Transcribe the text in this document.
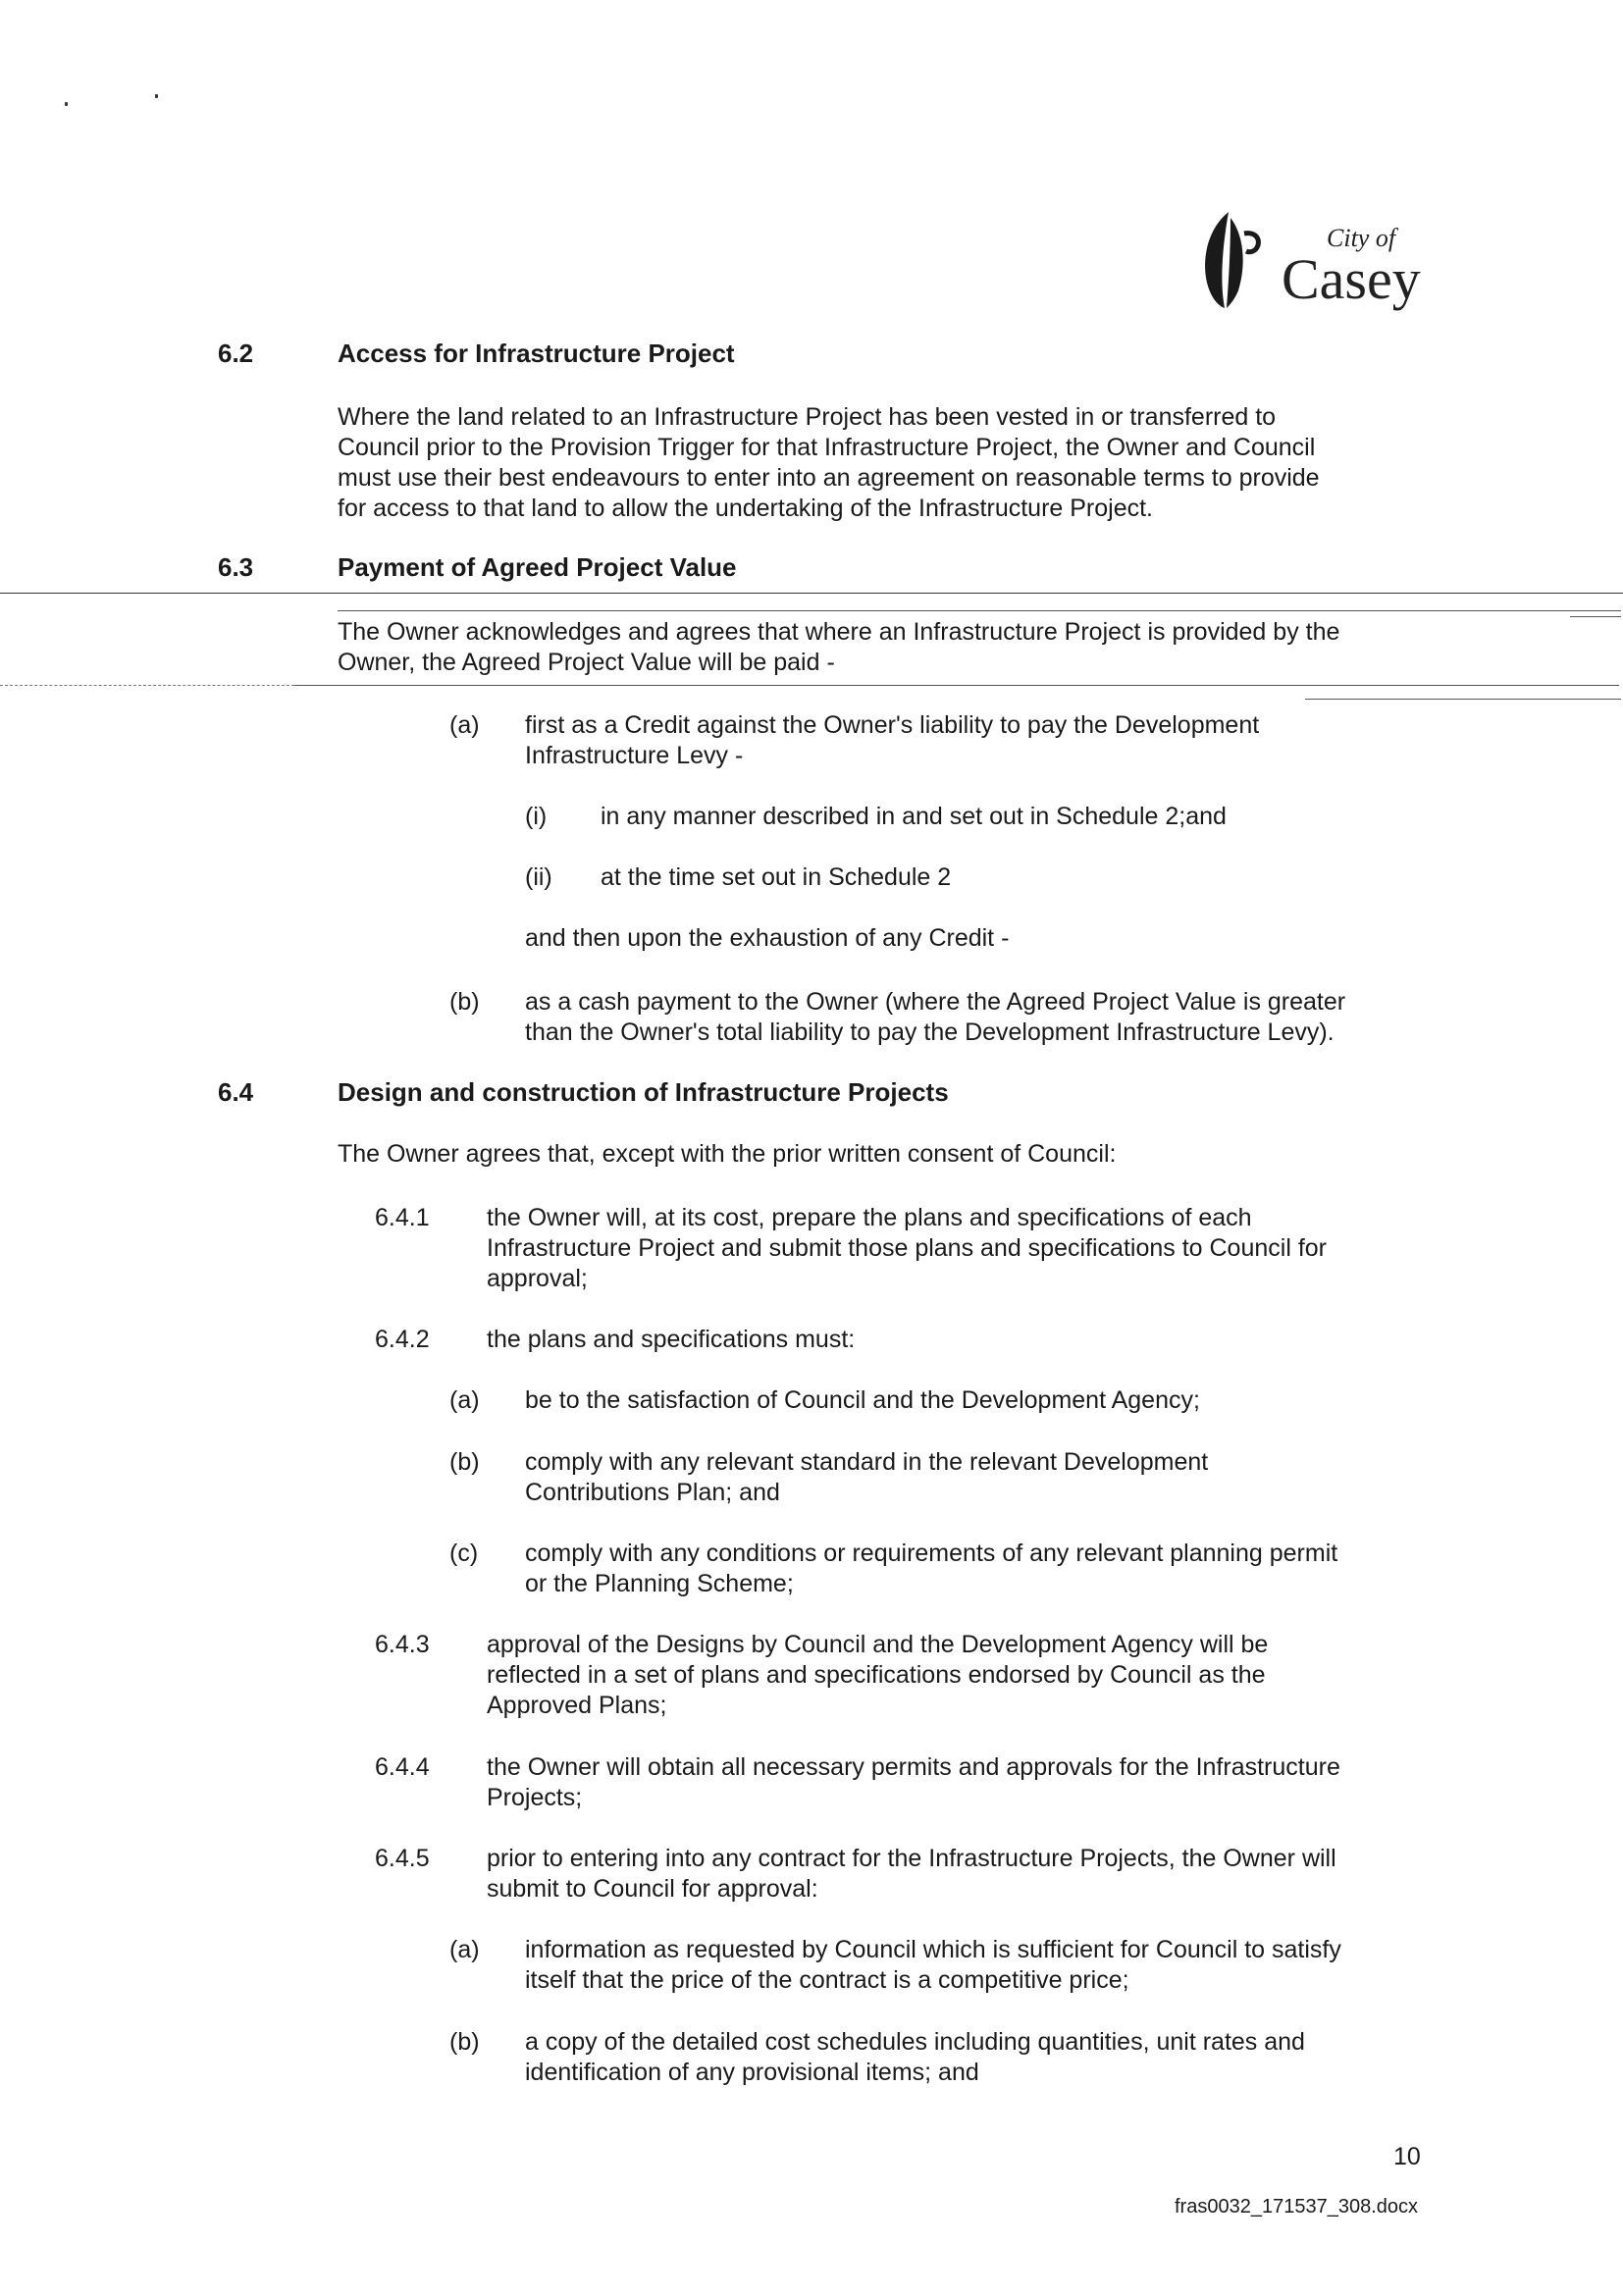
City of
Casey
6.2	Access for Infrastructure Project
Where the land related to an Infrastructure Project has been vested in or transferred to
Council prior to the Provision Trigger for that Infrastructure Project, the Owner and Council
must use their best endeavours to enter into an agreement on reasonable terms to provide
for access to that land to allow the undertaking of the Infrastructure Project.
6.3	Payment of Agreed Project Value
The Owner acknowledges and agrees that where an Infrastructure Project is provided by the
Owner, the Agreed Project Value will be paid -
(a) first as a Credit against the Owner's liability to pay the Development
Infrastructure Levy -
(i) in any manner described in and set out in Schedule 2;and
(ii) at the time set out in Schedule 2
and then upon the exhaustion of any Credit -
(b) as a cash payment to the Owner (where the Agreed Project Value is greater
than the Owner's total liability to pay the Development Infrastructure Levy).
6.4	Design and construction of Infrastructure Projects
The Owner agrees that, except with the prior written consent of Council:
6.4.1 the Owner will, at its cost, prepare the plans and specifications of each
Infrastructure Project and submit those plans and specifications to Council for
approval;
6.4.2 the plans and specifications must:
(a) be to the satisfaction of Council and the Development Agency;
(b) comply with any relevant standard in the relevant Development
Contributions Plan; and
(c) comply with any conditions or requirements of any relevant planning permit
or the Planning Scheme;
6.4.3 approval of the Designs by Council and the Development Agency will be
reflected in a set of plans and specifications endorsed by Council as the
Approved Plans;
6.4.4 the Owner will obtain all necessary permits and approvals for the Infrastructure
Projects;
6.4.5 prior to entering into any contract for the Infrastructure Projects, the Owner will
submit to Council for approval:
(a) information as requested by Council which is sufficient for Council to satisfy
itself that the price of the contract is a competitive price;
(b) a copy of the detailed cost schedules including quantities, unit rates and
identification of any provisional items; and
10
fras0032_171537_308.docx
